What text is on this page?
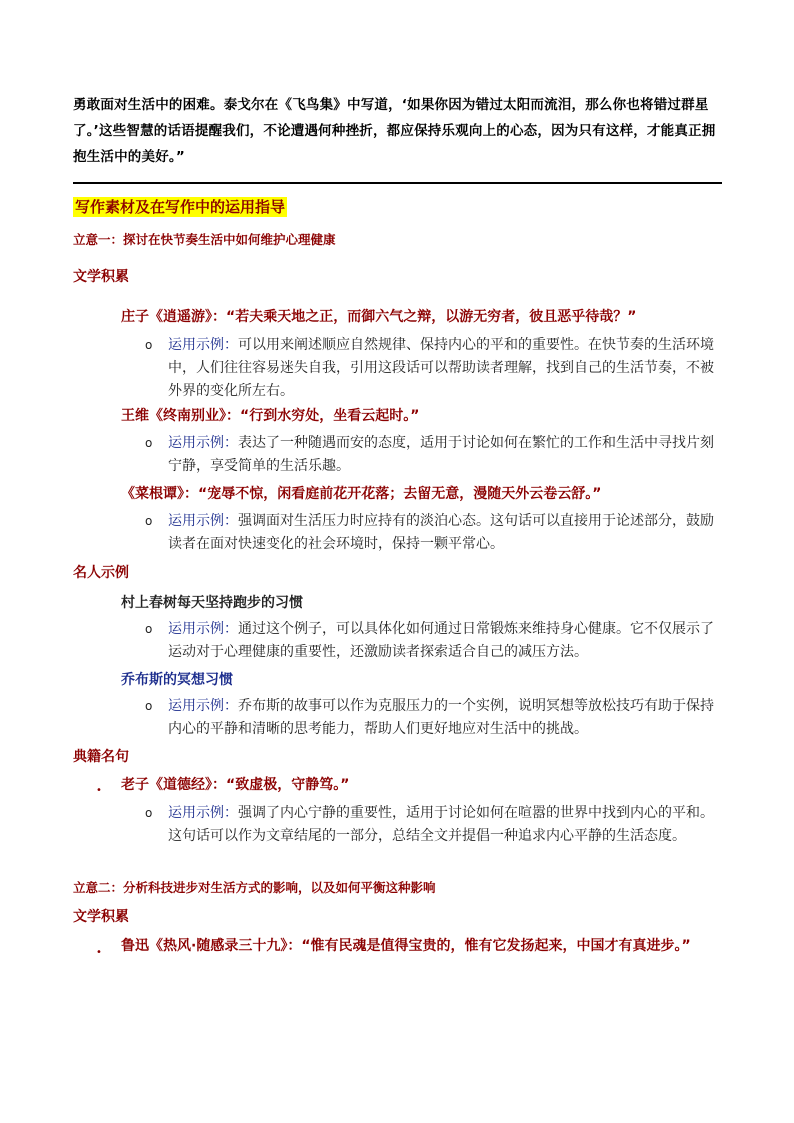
勇敢面对生活中的困难。泰戈尔在《飞鸟集》中写道，‘如果你因为错过太阳而流泪，那么你也将错过群星了。’这些智慧的话语提醒我们，不论遭遇何种挫折，都应保持乐观向上的心态，因为只有这样，才能真正拥抱生活中的美好。”
写作素材及在写作中的运用指导
立意一：探讨在快节奏生活中如何维护心理健康
文学积累
庄子《逍遥游》：“若夫乘天地之正，而御六气之辩，以游无穷者，彼且恶乎待哉？”
o 运用示例：可以用来阐述顺应自然规律、保持内心的平和的重要性。在快节奏的生活环境中，人们往往容易迷失自我，引用这段话可以帮助读者理解，找到自己的生活节奏，不被外界的变化所左右。
王维《终南别业》：“行到水穷处，坐看云起时。”
o 运用示例：表达了一种随遇而安的态度，适用于讨论如何在繁忙的工作和生活中寻找片刻宁静，享受简单的生活乐趣。
《菜根谭》：“宠辱不惊，闲看庭前花开花落；去留无意，漫随天外云卷云舒。”
o 运用示例：强调面对生活压力时应持有的淡泊心态。这句话可以直接用于论述部分，鼓励读者在面对快速变化的社会环境时，保持一颗平常心。
名人示例
村上春树每天坚持跑步的习惯
o 运用示例：通过这个例子，可以具体化如何通过日常锻炼来维持身心健康。它不仅展示了运动对于心理健康的重要性，还激励读者探索适合自己的减压方法。
乔布斯的冥想习惯
o 运用示例：乔布斯的故事可以作为克服压力的一个实例，说明冥想等放松技巧有助于保持内心的平静和清晰的思考能力，帮助人们更好地应对生活中的挑战。
典籍名句
• 老子《道德经》：“致虚极，守静笃。”
o 运用示例：强调了内心宁静的重要性，适用于讨论如何在喧嚣的世界中找到内心的平和。这句话可以作为文章结尾的一部分，总结全文并提倡一种追求内心平静的生活态度。
立意二：分析科技进步对生活方式的影响，以及如何平衡这种影响
文学积累
• 鲁迅《热风·随感录三十九》：“惟有民魂是值得宝贵的，惟有它发扬起来，中国才有真进步。”
